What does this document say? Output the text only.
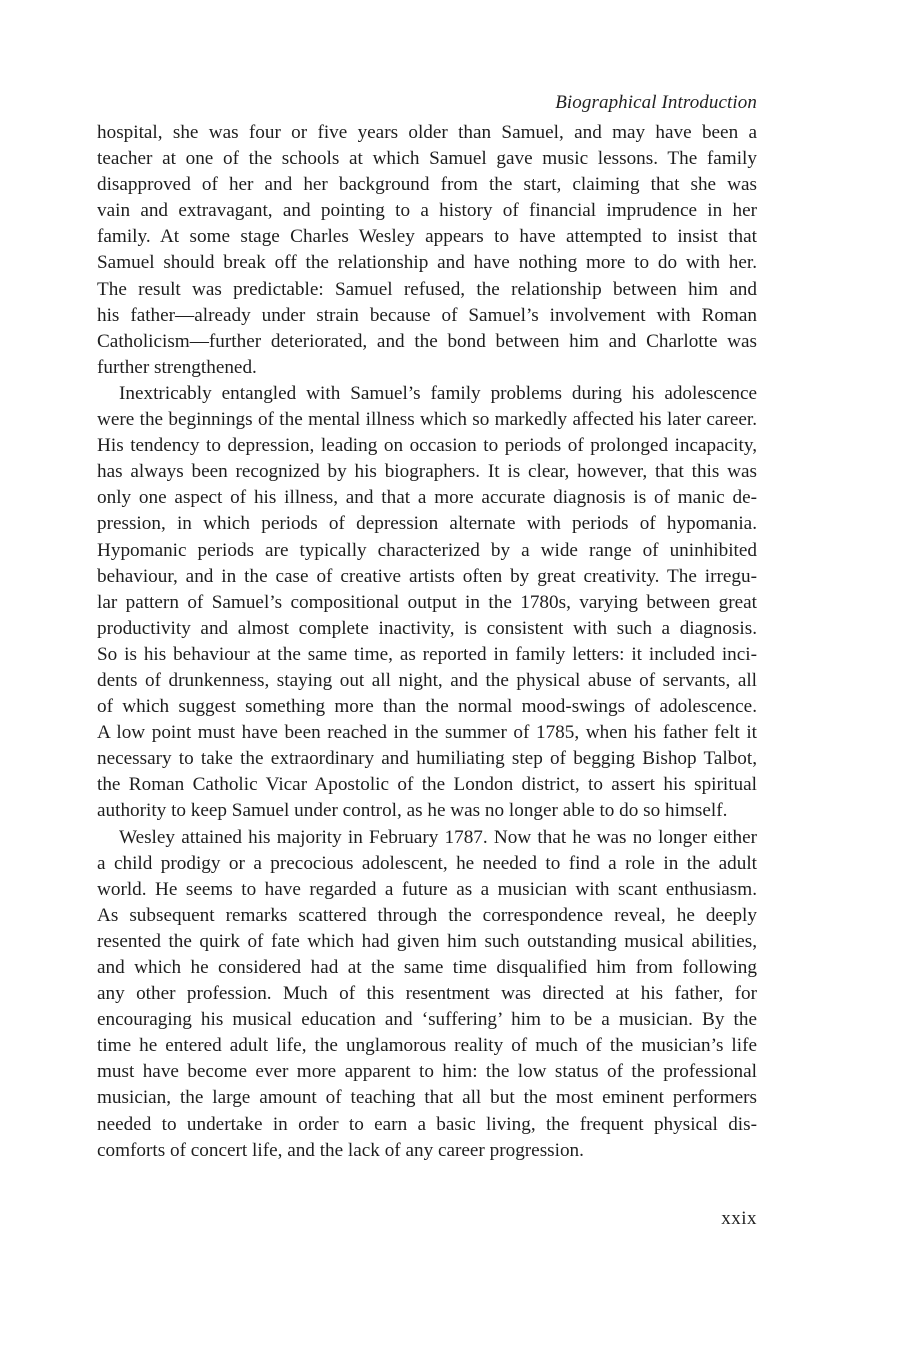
Biographical Introduction
hospital, she was four or five years older than Samuel, and may have been a
teacher at one of the schools at which Samuel gave music lessons. The family
disapproved of her and her background from the start, claiming that she was
vain and extravagant, and pointing to a history of financial imprudence in her
family. At some stage Charles Wesley appears to have attempted to insist that
Samuel should break off the relationship and have nothing more to do with her.
The result was predictable: Samuel refused, the relationship between him and
his father—already under strain because of Samuel’s involvement with Roman
Catholicism—further deteriorated, and the bond between him and Charlotte was
further strengthened.
Inextricably entangled with Samuel’s family problems during his adolescence
were the beginnings of the mental illness which so markedly affected his later career.
His tendency to depression, leading on occasion to periods of prolonged incapacity,
has always been recognized by his biographers. It is clear, however, that this was
only one aspect of his illness, and that a more accurate diagnosis is of manic de-
pression, in which periods of depression alternate with periods of hypomania.
Hypomanic periods are typically characterized by a wide range of uninhibited
behaviour, and in the case of creative artists often by great creativity. The irregu-
lar pattern of Samuel’s compositional output in the 1780s, varying between great
productivity and almost complete inactivity, is consistent with such a diagnosis.
So is his behaviour at the same time, as reported in family letters: it included inci-
dents of drunkenness, staying out all night, and the physical abuse of servants, all
of which suggest something more than the normal mood-swings of adolescence.
A low point must have been reached in the summer of 1785, when his father felt it
necessary to take the extraordinary and humiliating step of begging Bishop Talbot,
the Roman Catholic Vicar Apostolic of the London district, to assert his spiritual
authority to keep Samuel under control, as he was no longer able to do so himself.
Wesley attained his majority in February 1787. Now that he was no longer either
a child prodigy or a precocious adolescent, he needed to find a role in the adult
world. He seems to have regarded a future as a musician with scant enthusiasm.
As subsequent remarks scattered through the correspondence reveal, he deeply
resented the quirk of fate which had given him such outstanding musical abilities,
and which he considered had at the same time disqualified him from following
any other profession. Much of this resentment was directed at his father, for
encouraging his musical education and ‘suffering’ him to be a musician. By the
time he entered adult life, the unglamorous reality of much of the musician’s life
must have become ever more apparent to him: the low status of the professional
musician, the large amount of teaching that all but the most eminent performers
needed to undertake in order to earn a basic living, the frequent physical dis-
comforts of concert life, and the lack of any career progression.
xxix
